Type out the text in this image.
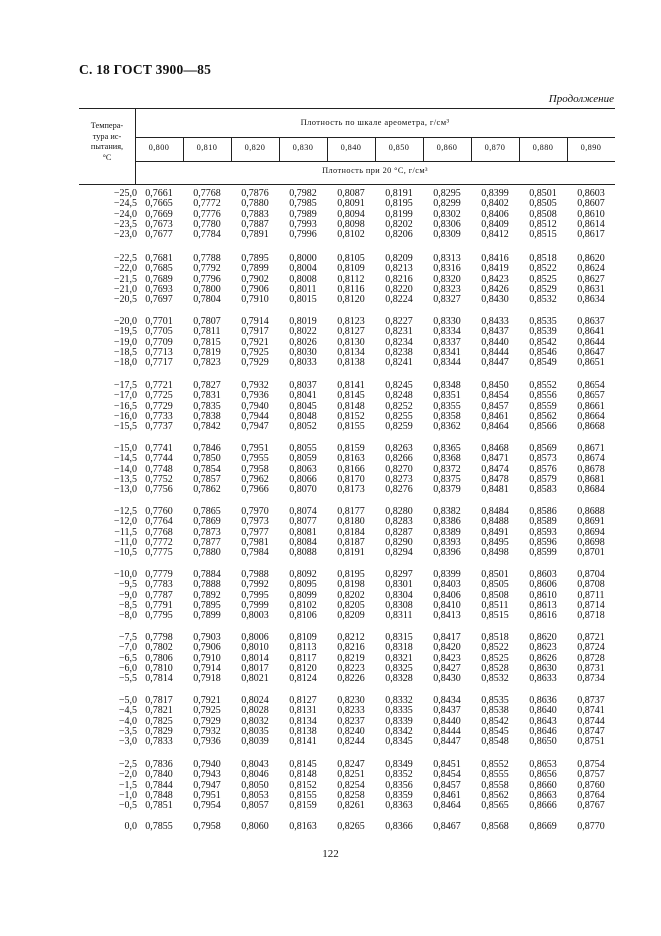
С. 18 ГОСТ 3900—85
Продолжение
Темпера-
тура ис-
пытания,
°С
Плотность по шкале ареометра, г/см³
0,800	0,810	0,820	0,830	0,840	0,850	0,860	0,870	0,880	0,890
Плотность при 20 °С, г/см³
−25,0 0,7661	0,7768	0,7876	0,7982	0,8087	0,8191	0,8295	0,8399	0,8501	0,8603
−24,5 0,7665	0,7772	0,7880	0,7985	0,8091	0,8195	0,8299	0,8402	0,8505	0,8607
−24,0 0,7669	0,7776	0,7883	0,7989	0,8094	0,8199	0,8302	0,8406	0,8508	0,8610
−23,5 0,7673	0,7780	0,7887	0,7993	0,8098	0,8202	0,8306	0,8409	0,8512	0,8614
−23,0 0,7677	0,7784	0,7891	0,7996	0,8102	0,8206	0,8309	0,8412	0,8515	0,8617
−22,5 0,7681	0,7788	0,7895	0,8000	0,8105	0,8209	0,8313	0,8416	0,8518	0,8620
−22,0 0,7685	0,7792	0,7899	0,8004	0,8109	0,8213	0,8316	0,8419	0,8522	0,8624
−21,5 0,7689	0,7796	0,7902	0,8008	0,8112	0,8216	0,8320	0,8423	0,8525	0,8627
−21,0 0,7693	0,7800	0,7906	0,8011	0,8116	0,8220	0,8323	0,8426	0,8529	0,8631
−20,5 0,7697	0,7804	0,7910	0,8015	0,8120	0,8224	0,8327	0,8430	0,8532	0,8634
−20,0 0,7701	0,7807	0,7914	0,8019	0,8123	0,8227	0,8330	0,8433	0,8535	0,8637
−19,5 0,7705	0,7811	0,7917	0,8022	0,8127	0,8231	0,8334	0,8437	0,8539	0,8641
−19,0 0,7709	0,7815	0,7921	0,8026	0,8130	0,8234	0,8337	0,8440	0,8542	0,8644
−18,5 0,7713	0,7819	0,7925	0,8030	0,8134	0,8238	0,8341	0,8444	0,8546	0,8647
−18,0 0,7717	0,7823	0,7929	0,8033	0,8138	0,8241	0,8344	0,8447	0,8549	0,8651
−17,5 0,7721	0,7827	0,7932	0,8037	0,8141	0,8245	0,8348	0,8450	0,8552	0,8654
−17,0 0,7725	0,7831	0,7936	0,8041	0,8145	0,8248	0,8351	0,8454	0,8556	0,8657
−16,5 0,7729	0,7835	0,7940	0,8045	0,8148	0,8252	0,8355	0,8457	0,8559	0,8661
−16,0 0,7733	0,7838	0,7944	0,8048	0,8152	0,8255	0,8358	0,8461	0,8562	0,8664
−15,5 0,7737	0,7842	0,7947	0,8052	0,8155	0,8259	0,8362	0,8464	0,8566	0,8668
−15,0 0,7741	0,7846	0,7951	0,8055	0,8159	0,8263	0,8365	0,8468	0,8569	0,8671
−14,5 0,7744	0,7850	0,7955	0,8059	0,8163	0,8266	0,8368	0,8471	0,8573	0,8674
−14,0 0,7748	0,7854	0,7958	0,8063	0,8166	0,8270	0,8372	0,8474	0,8576	0,8678
−13,5 0,7752	0,7857	0,7962	0,8066	0,8170	0,8273	0,8375	0,8478	0,8579	0,8681
−13,0 0,7756	0,7862	0,7966	0,8070	0,8173	0,8276	0,8379	0,8481	0,8583	0,8684
−12,5 0,7760	0,7865	0,7970	0,8074	0,8177	0,8280	0,8382	0,8484	0,8586	0,8688
−12,0 0,7764	0,7869	0,7973	0,8077	0,8180	0,8283	0,8386	0,8488	0,8589	0,8691
−11,5 0,7768	0,7873	0,7977	0,8081	0,8184	0,8287	0,8389	0,8491	0,8593	0,8694
−11,0 0,7772	0,7877	0,7981	0,8084	0,8187	0,8290	0,8393	0,8495	0,8596	0,8698
−10,5 0,7775	0,7880	0,7984	0,8088	0,8191	0,8294	0,8396	0,8498	0,8599	0,8701
−10,0 0,7779	0,7884	0,7988	0,8092	0,8195	0,8297	0,8399	0,8501	0,8603	0,8704
−9,5 0,7783	0,7888	0,7992	0,8095	0,8198	0,8301	0,8403	0,8505	0,8606	0,8708
−9,0 0,7787	0,7892	0,7995	0,8099	0,8202	0,8304	0,8406	0,8508	0,8610	0,8711
−8,5 0,7791	0,7895	0,7999	0,8102	0,8205	0,8308	0,8410	0,8511	0,8613	0,8714
−8,0 0,7795	0,7899	0,8003	0,8106	0,8209	0,8311	0,8413	0,8515	0,8616	0,8718
−7,5 0,7798	0,7903	0,8006	0,8109	0,8212	0,8315	0,8417	0,8518	0,8620	0,8721
−7,0 0,7802	0,7906	0,8010	0,8113	0,8216	0,8318	0,8420	0,8522	0,8623	0,8724
−6,5 0,7806	0,7910	0,8014	0,8117	0,8219	0,8321	0,8423	0,8525	0,8626	0,8728
−6,0 0,7810	0,7914	0,8017	0,8120	0,8223	0,8325	0,8427	0,8528	0,8630	0,8731
−5,5 0,7814	0,7918	0,8021	0,8124	0,8226	0,8328	0,8430	0,8532	0,8633	0,8734
−5,0 0,7817	0,7921	0,8024	0,8127	0,8230	0,8332	0,8434	0,8535	0,8636	0,8737
−4,5 0,7821	0,7925	0,8028	0,8131	0,8233	0,8335	0,8437	0,8538	0,8640	0,8741
−4,0 0,7825	0,7929	0,8032	0,8134	0,8237	0,8339	0,8440	0,8542	0,8643	0,8744
−3,5 0,7829	0,7932	0,8035	0,8138	0,8240	0,8342	0,8444	0,8545	0,8646	0,8747
−3,0 0,7833	0,7936	0,8039	0,8141	0,8244	0,8345	0,8447	0,8548	0,8650	0,8751
−2,5 0,7836	0,7940	0,8043	0,8145	0,8247	0,8349	0,8451	0,8552	0,8653	0,8754
−2,0 0,7840	0,7943	0,8046	0,8148	0,8251	0,8352	0,8454	0,8555	0,8656	0,8757
−1,5 0,7844	0,7947	0,8050	0,8152	0,8254	0,8356	0,8457	0,8558	0,8660	0,8760
−1,0 0,7848	0,7951	0,8053	0,8155	0,8258	0,8359	0,8461	0,8562	0,8663	0,8764
−0,5 0,7851	0,7954	0,8057	0,8159	0,8261	0,8363	0,8464	0,8565	0,8666	0,8767
0,0 0,7855	0,7958	0,8060	0,8163	0,8265	0,8366	0,8467	0,8568	0,8669	0,8770
122
